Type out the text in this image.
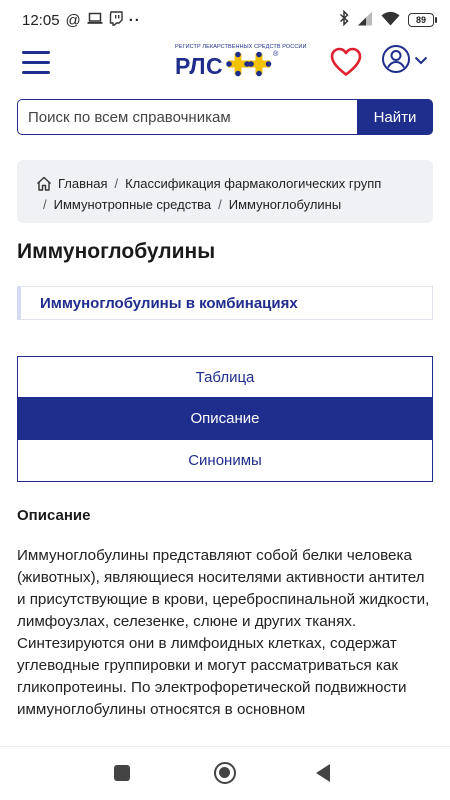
12:05 @	··	89
РЕГИСТР ЛЕКАРСТВЕННЫХ СРЕДСТВ РОССИИ
РЛС	®
Поиск по всем справочникам
Найти
Главная / Классификация фармакологических групп
/ Иммунотропные средства / Иммуноглобулины
Иммуноглобулины
Иммуноглобулины в комбинациях
Таблица
Описание
Синонимы
Описание
Иммуноглобулины представляют собой белки человека (животных), являющиеся носителями активности антител и присутствующие в крови, цереброспинальной жидкости, лимфоузлах, селезенке, слюне и других тканях. Синтезируются они в лимфоидных клетках, содержат углеводные группировки и могут рассматриваться как гликопротеины. По электрофоретической подвижности иммуноглобулины относятся в основном
